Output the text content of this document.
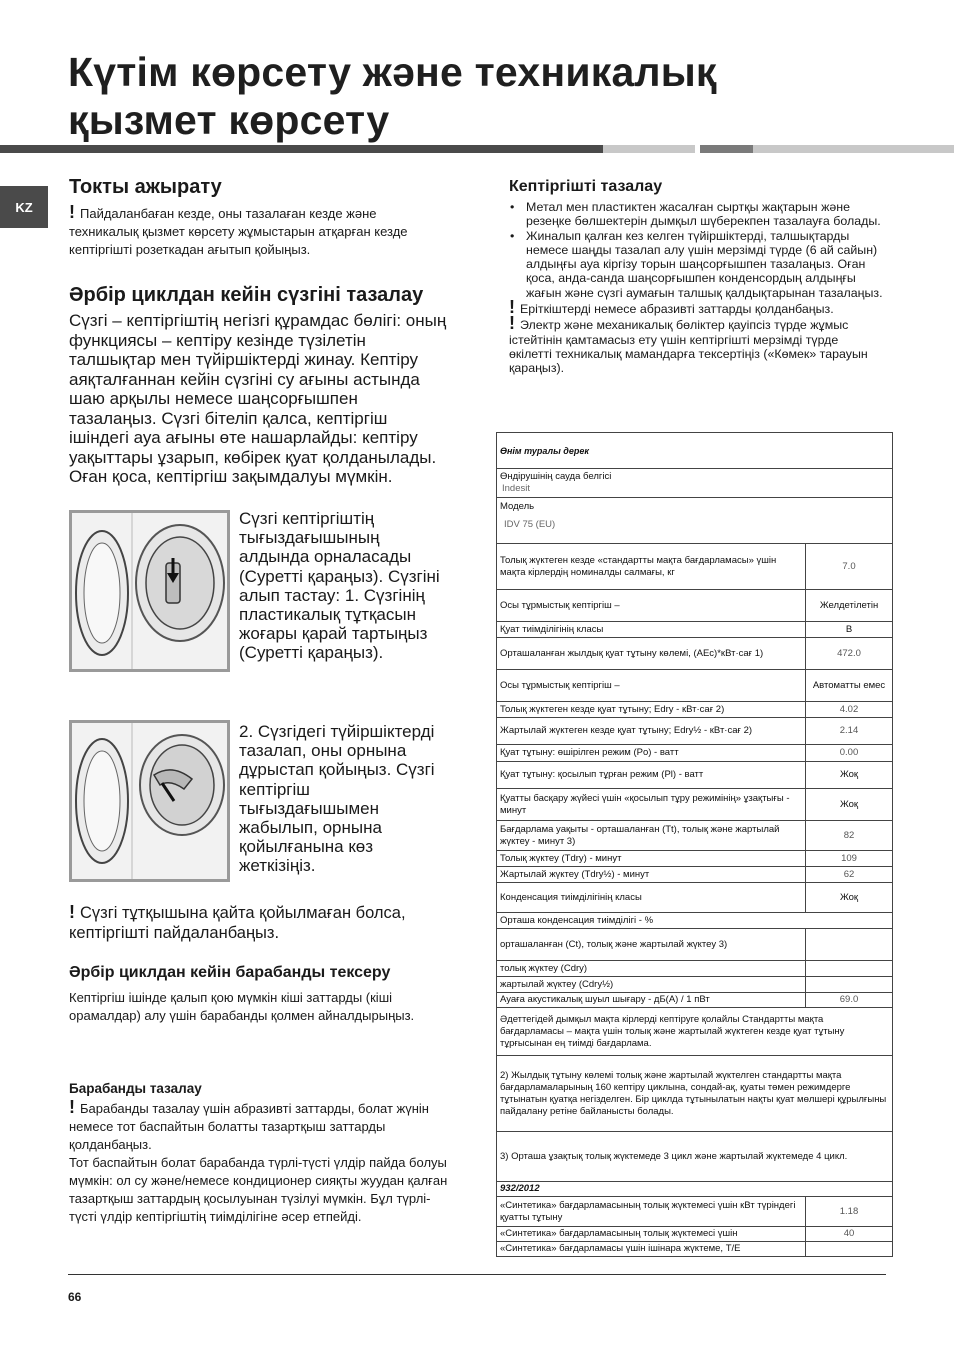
Күтім көрсету және техникалық
қызмет көрсету
KZ
Токты ажырату
! Пайдаланбаған кезде, оны тазалаған кезде және техникалық қызмет көрсету жұмыстарын атқарған кезде кептіргішті розеткадан ағытып қойыңыз.
Әрбір циклдан кейін сүзгіні тазалау
Сүзгі – кептіргіштің негізгі құрамдас бөлігі: оның функциясы – кептіру кезінде түзілетін талшықтар мен түйіршіктерді жинау. Кептіру аяқталғаннан кейін сүзгіні су ағыны астында шаю арқылы немесе шаңсорғышпен тазалаңыз. Сүзгі бітеліп қалса, кептіргіш ішіндегі ауа ағыны өте нашарлайды: кептіру уақыттары ұзарып, көбірек қуат қолданылады. Оған қоса, кептіргіш зақымдалуы мүмкін.
Сүзгі кептіргіштің тығыздағышының алдында орналасады (Суретті қараңыз). Сүзгіні алып тастау: 1. Сүзгінің пластикалық тұтқасын жоғары қарай тартыңыз (Суретті қараңыз).
2. Сүзгідегі түйіршіктерді тазалап, оны орнына дұрыстап қойыңыз. Сүзгі кептіргіш тығыздағышымен жабылып, орнына қойылғанына көз жеткізіңіз.
! Сүзгі тұтқышына қайта қойылмаған болса, кептіргішті пайдаланбаңыз.
Әрбір циклдан кейін барабанды тексеру
Кептіргіш ішінде қалып қою мүмкін кіші заттарды (кіші орамалдар) алу үшін барабанды қолмен айналдырыңыз.
Барабанды тазалау
! Барабанды тазалау үшін абразивті заттарды, болат жүнін немесе тот баспайтын болатты тазартқыш заттарды қолданбаңыз.
Тот баспайтын болат барабанда түрлі-түсті үлдір пайда болуы мүмкін: ол су және/немесе кондиционер сияқты жуудан қалған тазартқыш заттардың қосылуынан түзілуі мүмкін. Бұл түрлі-түсті үлдір кептіргіштің тиімділігіне әсер етпейді.
Кептіргішті тазалау
• Метал мен пластиктен жасалған сыртқы жақтарын және резеңке бөлшектерін дымқыл шүберекпен тазалауға болады.
• Жиналып қалған кез келген түйіршіктерді, талшықтарды немесе шаңды тазалап алу үшін мерзімді түрде (6 ай сайын) алдыңғы ауа кіргізу торын шаңсорғышпен тазалаңыз. Оған қоса, анда-санда шаңсорғышпен конденсордың алдыңғы жағын және сүзгі аумағын талшық қалдықтарынан тазалаңыз.
! Еріткіштерді немесе абразивті заттарды қолданбаңыз.
! Электр және механикалық бөліктер қауіпсіз түрде жұмыс істейтінін қамтамасыз ету үшін кептіргішті мерзімді түрде өкілетті техникалық мамандарға тексертіңіз («Көмек» тарауын қараңыз).
Өнім туралы дерек	

Өндірушінің сауда белгісі
Indesit	

Модель
IDV 75 (EU)	

Толық жүктеген кезде «стандартты мақта бағдарламасы» үшін мақта кірлердің номиналды салмағы, кг	7.0
Осы тұрмыстық кептіргіш –	Желдетілетін
Қуат тиімділігінің класы	B
Орташаланған жылдық қуат тұтыну көлемі, (AEc)*кВт·сағ 1)	472.0
Осы тұрмыстық кептіргіш –	Автоматты емес
Толық жүктеген кезде қуат тұтыну; Edry - кВт·сағ 2)	4.02
Жартылай жүктеген кезде қуат тұтыну; Edry½ - кВт·сағ 2)	2.14
Қуат тұтыну: өшірілген режим (Po) - ватт	0.00
Қуат тұтыну: қосылып тұрған режим (Pl) - ватт	Жоқ
Қуатты басқару жүйесі үшін «қосылып тұру режимінің» ұзақтығы - минут	Жоқ
Бағдарлама уақыты - орташаланған (Tt), толық және жартылай жүктеу - минут 3)	82
Толық жүктеу (Tdry) - минут	109
Жартылай жүктеу (Tdry½) - минут	62
Конденсация тиімділігінің класы	Жоқ
Орташа конденсация тиімділігі - %	
орташаланған (Ct), толық және жартылай жүктеу 3)	
толық жүктеу (Cdry)	
жартылай жүктеу (Cdry½)	
Ауаға акустикалық шуыл шығару - дБ(A) / 1 пВт	69.0
Әдеттегідей дымқыл мақта кірлерді кептіруге қолайлы Стандартты мақта бағдарламасы – мақта үшін толық және жартылай жүктеген кезде қуат тұтыну тұрғысынан ең тиімді бағдарлама.	
2) Жылдық тұтыну көлемі толық және жартылай жүктелген стандартты мақта бағдарламаларының 160 кептіру циклына, сондай-ақ, қуаты төмен режимдерге тұтынатын қуатқа негізделген. Бір циклда тұтынылатын нақты қуат мөлшері құрылғыны пайдалану ретіне байланысты болады.	
3) Орташа ұзақтық толық жүктемеде 3 цикл және жартылай жүктемеде 4 цикл.	
932/2012	
«Синтетика» бағдарламасының толық жүктемесі үшін кВт түріндегі қуатты тұтыну	1.18
«Синтетика» бағдарламасының толық жүктемесі үшін	40
«Синтетика» бағдарламасы үшін ішінара жүктеме, Т/Е	
66
